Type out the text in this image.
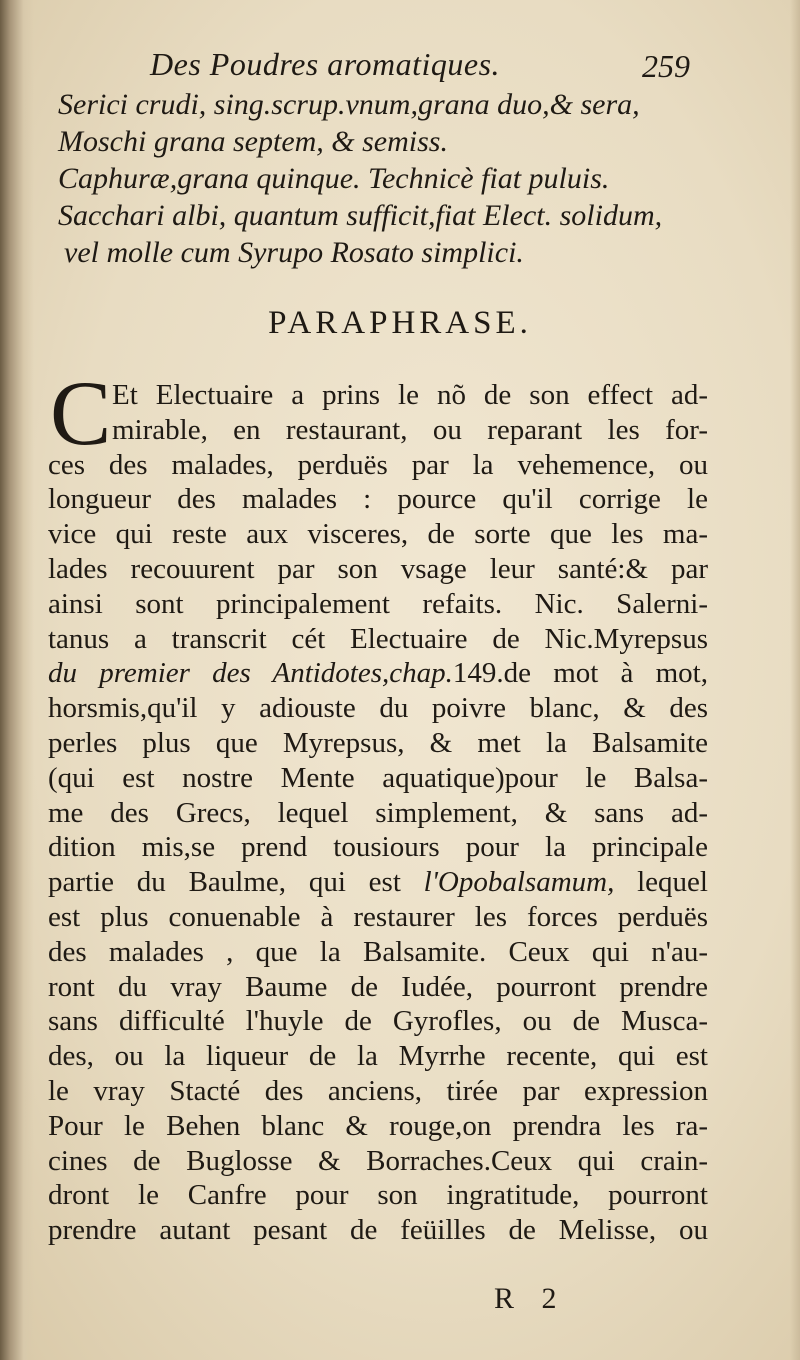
Des Poudres aromatiques.	259
Serici crudi, sing.scrup.vnum,grana duo,& sera,
Moschi grana septem, & semiss.
Caphuræ,grana quinque. Technicè fiat puluis.
Sacchari albi, quantum sufficit,fiat Elect. solidum,
vel molle cum Syrupo Rosato simplici.
PARAPHRASE.
C Et Electuaire a prins le nõ de son effect ad-
mirable, en restaurant, ou reparant les for-
ces des malades, perduës par la vehemence, ou
longueur des malades : pource qu'il corrige le
vice qui reste aux visceres, de sorte que les ma-
lades recouurent par son vsage leur santé:& par
ainsi sont principalement refaits. Nic. Salerni-
tanus a transcrit cét Electuaire de Nic.Myrepsus
du premier des Antidotes,chap.149.de mot à mot,
horsmis,qu'il y adiouste du poivre blanc, & des
perles plus que Myrepsus, & met la Balsamite
(qui est nostre Mente aquatique)pour le Balsa-
me des Grecs, lequel simplement, & sans ad-
dition mis,se prend tousiours pour la principale
partie du Baulme, qui est l'Opobalsamum, lequel
est plus conuenable à restaurer les forces perduës
des malades , que la Balsamite. Ceux qui n'au-
ront du vray Baume de Iudée, pourront prendre
sans difficulté l'huyle de Gyrofles, ou de Musca-
des, ou la liqueur de la Myrrhe recente, qui est
le vray Stacté des anciens, tirée par expression
Pour le Behen blanc & rouge,on prendra les ra-
cines de Buglosse & Borraches.Ceux qui crain-
dront le Canfre pour son ingratitude, pourront
prendre autant pesant de feüilles de Melisse, ou
R 2
